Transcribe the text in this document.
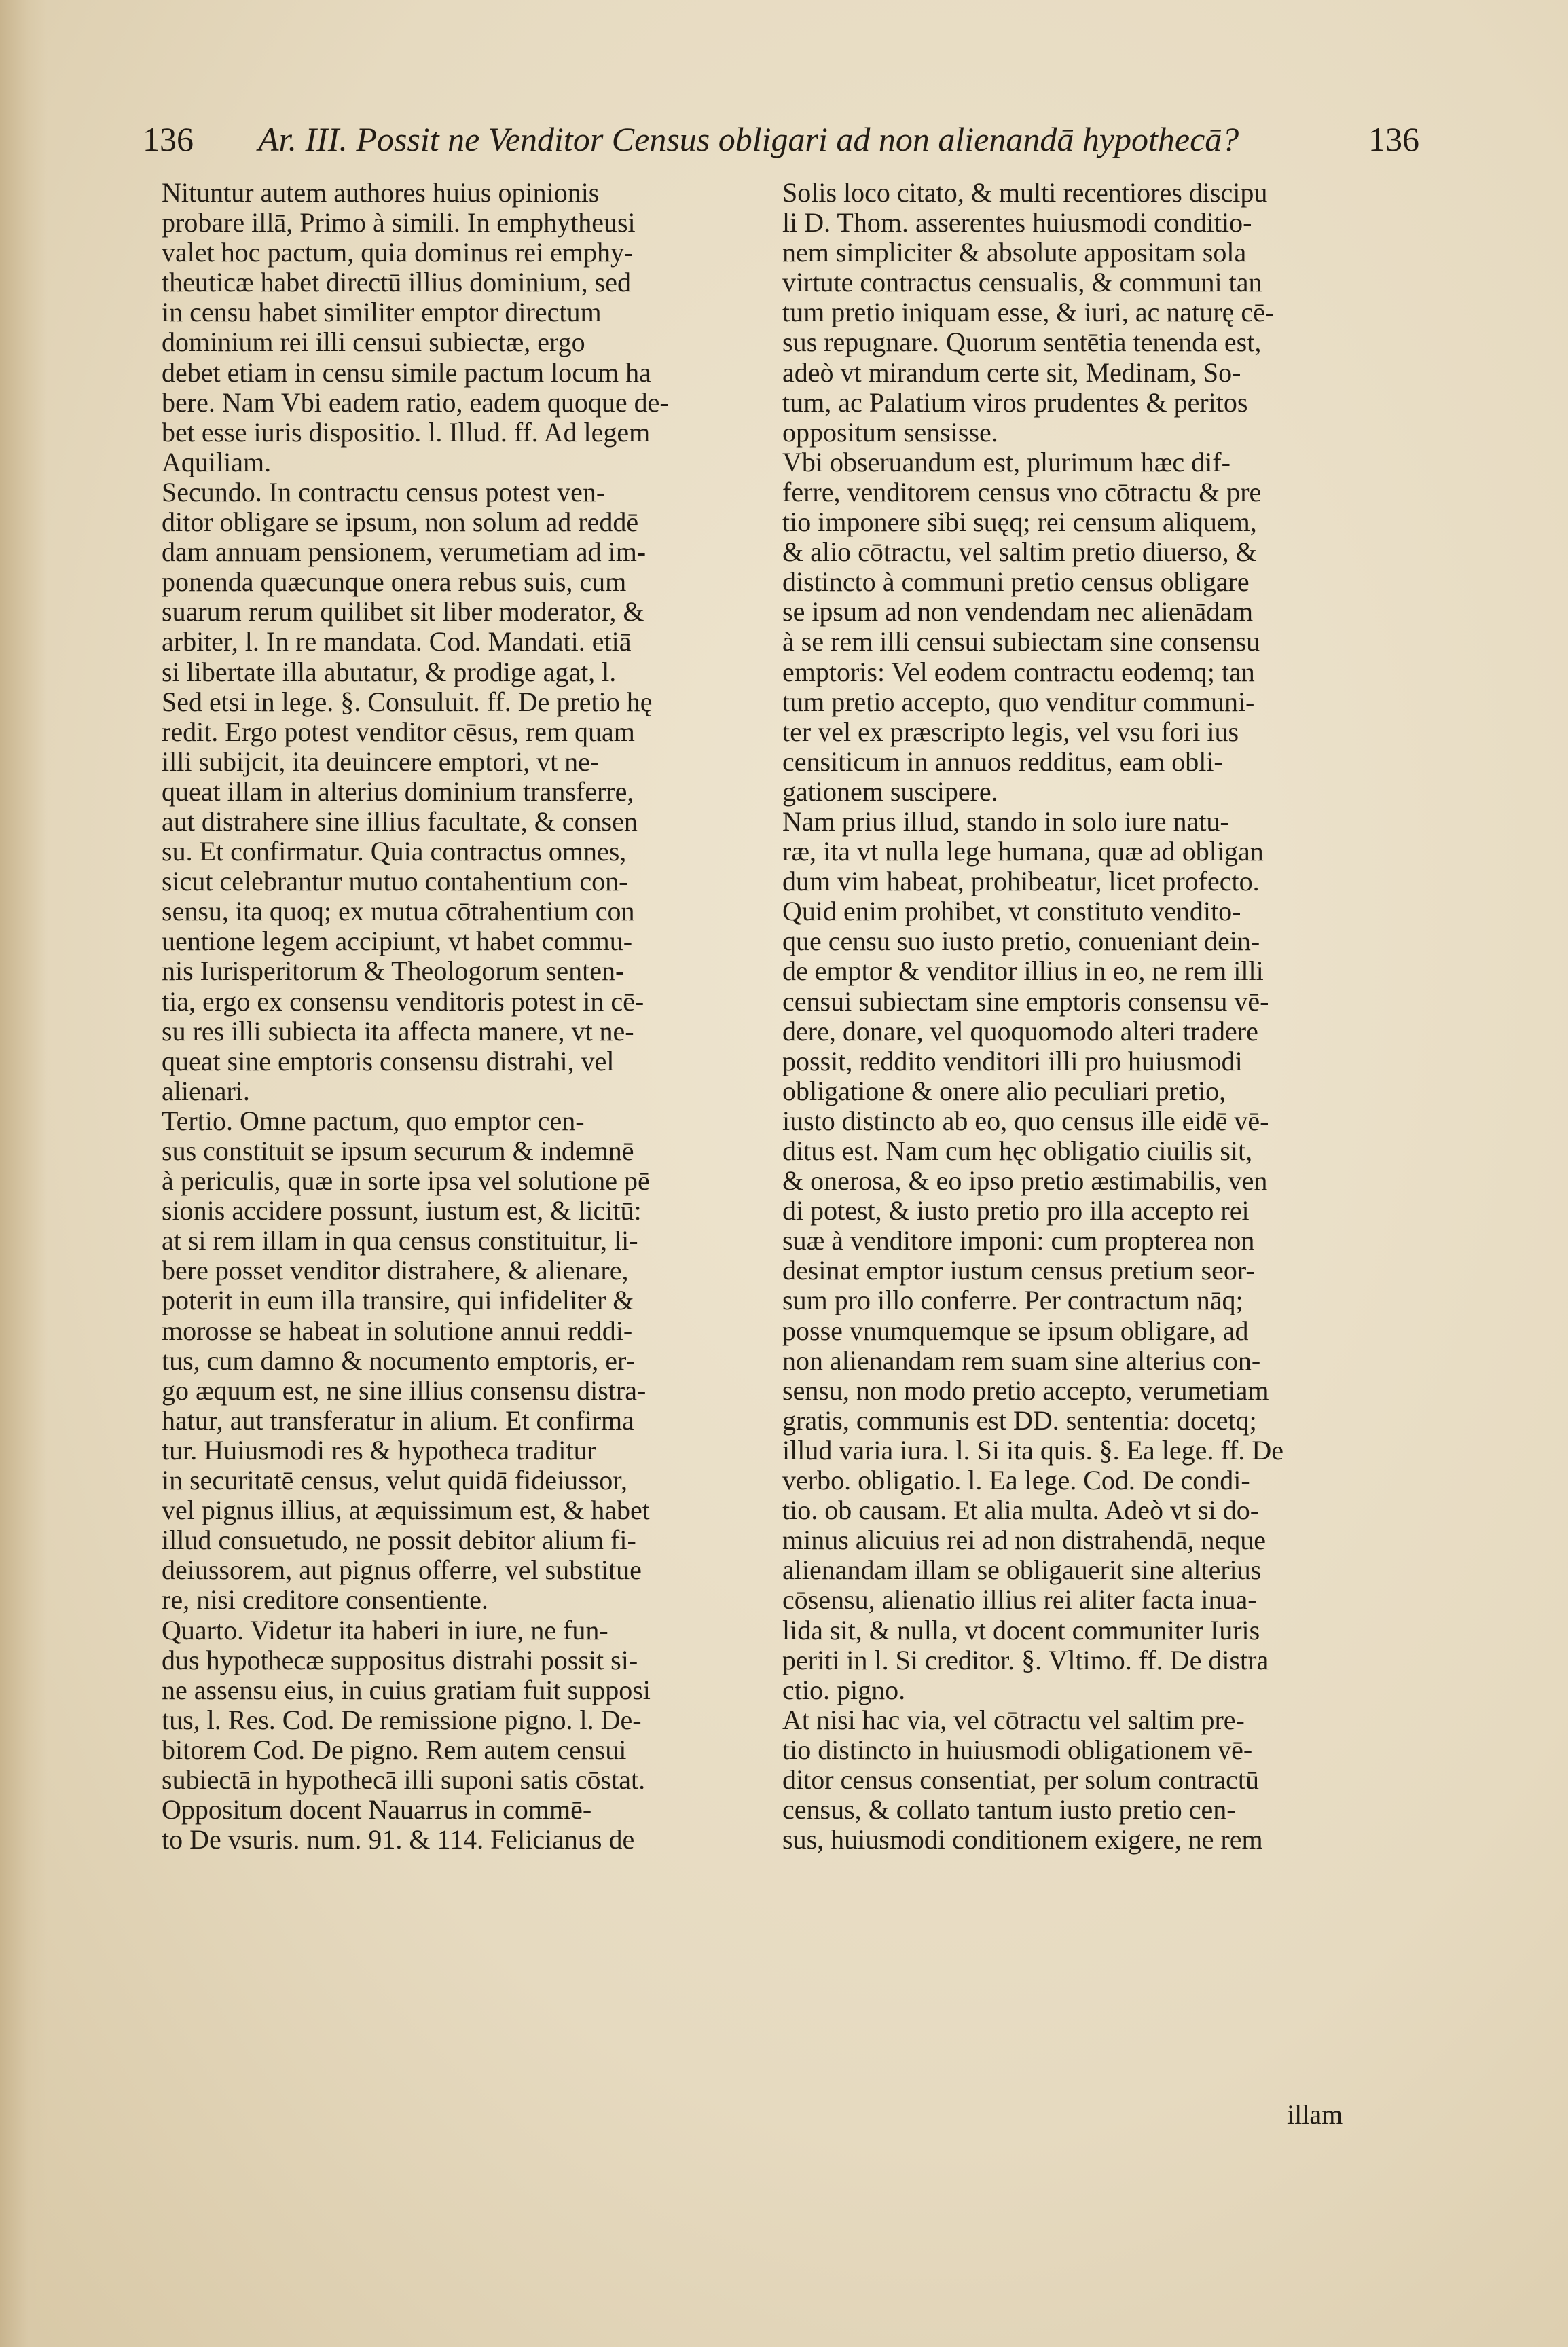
136 Ar. III. Possit ne Venditor Census obligari ad non alienandā hypothecā?	136
Nituntur autem authores huius opinionis
probare illā, Primo à simili. In emphytheusi
valet hoc pactum, quia dominus rei emphy-
theuticæ habet directū illius dominium, sed
in censu habet similiter emptor directum
dominium rei illi censui subiectæ, ergo
debet etiam in censu simile pactum locum ha
bere. Nam Vbi eadem ratio, eadem quoque de-
bet esse iuris dispositio. l. Illud. ff. Ad legem
Aquiliam.
Secundo. In contractu census potest ven-
ditor obligare se ipsum, non solum ad reddē
dam annuam pensionem, verumetiam ad im-
ponenda quæcunque onera rebus suis, cum
suarum rerum quilibet sit liber moderator, &
arbiter, l. In re mandata. Cod. Mandati. etiā
si libertate illa abutatur, & prodige agat, l.
Sed etsi in lege. §. Consuluit. ff. De pretio hę
redit. Ergo potest venditor cēsus, rem quam
illi subijcit, ita deuincere emptori, vt ne-
queat illam in alterius dominium transferre,
aut distrahere sine illius facultate, & consen
su. Et confirmatur. Quia contractus omnes,
sicut celebrantur mutuo contahentium con-
sensu, ita quoq; ex mutua cōtrahentium con
uentione legem accipiunt, vt habet commu-
nis Iurisperitorum & Theologorum senten-
tia, ergo ex consensu venditoris potest in cē-
su res illi subiecta ita affecta manere, vt ne-
queat sine emptoris consensu distrahi, vel
alienari.
Tertio. Omne pactum, quo emptor cen-
sus constituit se ipsum securum & indemnē
à periculis, quæ in sorte ipsa vel solutione pē
sionis accidere possunt, iustum est, & licitū:
at si rem illam in qua census constituitur, li-
bere posset venditor distrahere, & alienare,
poterit in eum illa transire, qui infideliter &
morosse se habeat in solutione annui reddi-
tus, cum damno & nocumento emptoris, er-
go æquum est, ne sine illius consensu distra-
hatur, aut transferatur in alium. Et confirma
tur. Huiusmodi res & hypotheca traditur
in securitatē census, velut quidā fideiussor,
vel pignus illius, at æquissimum est, & habet
illud consuetudo, ne possit debitor alium fi-
deiussorem, aut pignus offerre, vel substitue
re, nisi creditore consentiente.
Quarto. Videtur ita haberi in iure, ne fun-
dus hypothecæ suppositus distrahi possit si-
ne assensu eius, in cuius gratiam fuit supposi
tus, l. Res. Cod. De remissione pigno. l. De-
bitorem Cod. De pigno. Rem autem censui
subiectā in hypothecā illi suponi satis cōstat.
Oppositum docent Nauarrus in commē-
to De vsuris. num. 91. & 114. Felicianus de
Solis loco citato, & multi recentiores discipu
li D. Thom. asserentes huiusmodi conditio-
nem simpliciter & absolute appositam sola
virtute contractus censualis, & communi tan
tum pretio iniquam esse, & iuri, ac naturę cē-
sus repugnare. Quorum sentētia tenenda est,
adeò vt mirandum certe sit, Medinam, So-
tum, ac Palatium viros prudentes & peritos
oppositum sensisse.
Vbi obseruandum est, plurimum hæc dif-
ferre, venditorem census vno cōtractu & pre
tio imponere sibi suęq; rei censum aliquem,
& alio cōtractu, vel saltim pretio diuerso, &
distincto à communi pretio census obligare
se ipsum ad non vendendam nec alienādam
à se rem illi censui subiectam sine consensu
emptoris: Vel eodem contractu eodemq; tan
tum pretio accepto, quo venditur communi-
ter vel ex præscripto legis, vel vsu fori ius
censiticum in annuos redditus, eam obli-
gationem suscipere.
Nam prius illud, stando in solo iure natu-
ræ, ita vt nulla lege humana, quæ ad obligan
dum vim habeat, prohibeatur, licet profecto.
Quid enim prohibet, vt constituto vendito-
que censu suo iusto pretio, conueniant dein-
de emptor & venditor illius in eo, ne rem illi
censui subiectam sine emptoris consensu vē-
dere, donare, vel quoquomodo alteri tradere
possit, reddito venditori illi pro huiusmodi
obligatione & onere alio peculiari pretio,
iusto distincto ab eo, quo census ille eidē vē-
ditus est. Nam cum hęc obligatio ciuilis sit,
& onerosa, & eo ipso pretio æstimabilis, ven
di potest, & iusto pretio pro illa accepto rei
suæ à venditore imponi: cum propterea non
desinat emptor iustum census pretium seor-
sum pro illo conferre. Per contractum nāq;
posse vnumquemque se ipsum obligare, ad
non alienandam rem suam sine alterius con-
sensu, non modo pretio accepto, verumetiam
gratis, communis est DD. sententia: docetq;
illud varia iura. l. Si ita quis. §. Ea lege. ff. De
verbo. obligatio. l. Ea lege. Cod. De condi-
tio. ob causam. Et alia multa. Adeò vt si do-
minus alicuius rei ad non distrahendā, neque
alienandam illam se obligauerit sine alterius
cōsensu, alienatio illius rei aliter facta inua-
lida sit, & nulla, vt docent communiter Iuris
periti in l. Si creditor. §. Vltimo. ff. De distra
ctio. pigno.
At nisi hac via, vel cōtractu vel saltim pre-
tio distincto in huiusmodi obligationem vē-
ditor census consentiat, per solum contractū
census, & collato tantum iusto pretio cen-
sus, huiusmodi conditionem exigere, ne rem
illam
